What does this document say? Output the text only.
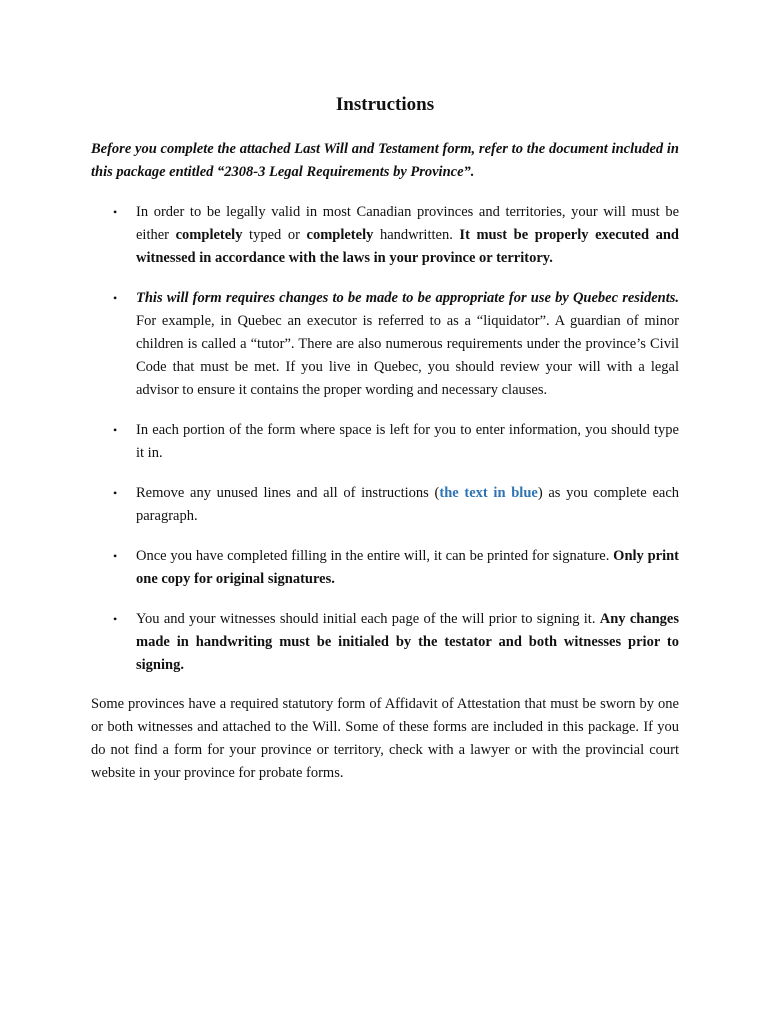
Instructions
Before you complete the attached Last Will and Testament form, refer to the document included in this package entitled “2308-3 Legal Requirements by Province”.
• In order to be legally valid in most Canadian provinces and territories, your will must be either completely typed or completely handwritten. It must be properly executed and witnessed in accordance with the laws in your province or territory.
• This will form requires changes to be made to be appropriate for use by Quebec residents. For example, in Quebec an executor is referred to as a “liquidator”. A guardian of minor children is called a “tutor”. There are also numerous requirements under the province’s Civil Code that must be met. If you live in Quebec, you should review your will with a legal advisor to ensure it contains the proper wording and necessary clauses.
• In each portion of the form where space is left for you to enter information, you should type it in.
• Remove any unused lines and all of instructions (the text in blue) as you complete each paragraph.
• Once you have completed filling in the entire will, it can be printed for signature. Only print one copy for original signatures.
• You and your witnesses should initial each page of the will prior to signing it. Any changes made in handwriting must be initialed by the testator and both witnesses prior to signing.
Some provinces have a required statutory form of Affidavit of Attestation that must be sworn by one or both witnesses and attached to the Will. Some of these forms are included in this package. If you do not find a form for your province or territory, check with a lawyer or with the provincial court website in your province for probate forms.
